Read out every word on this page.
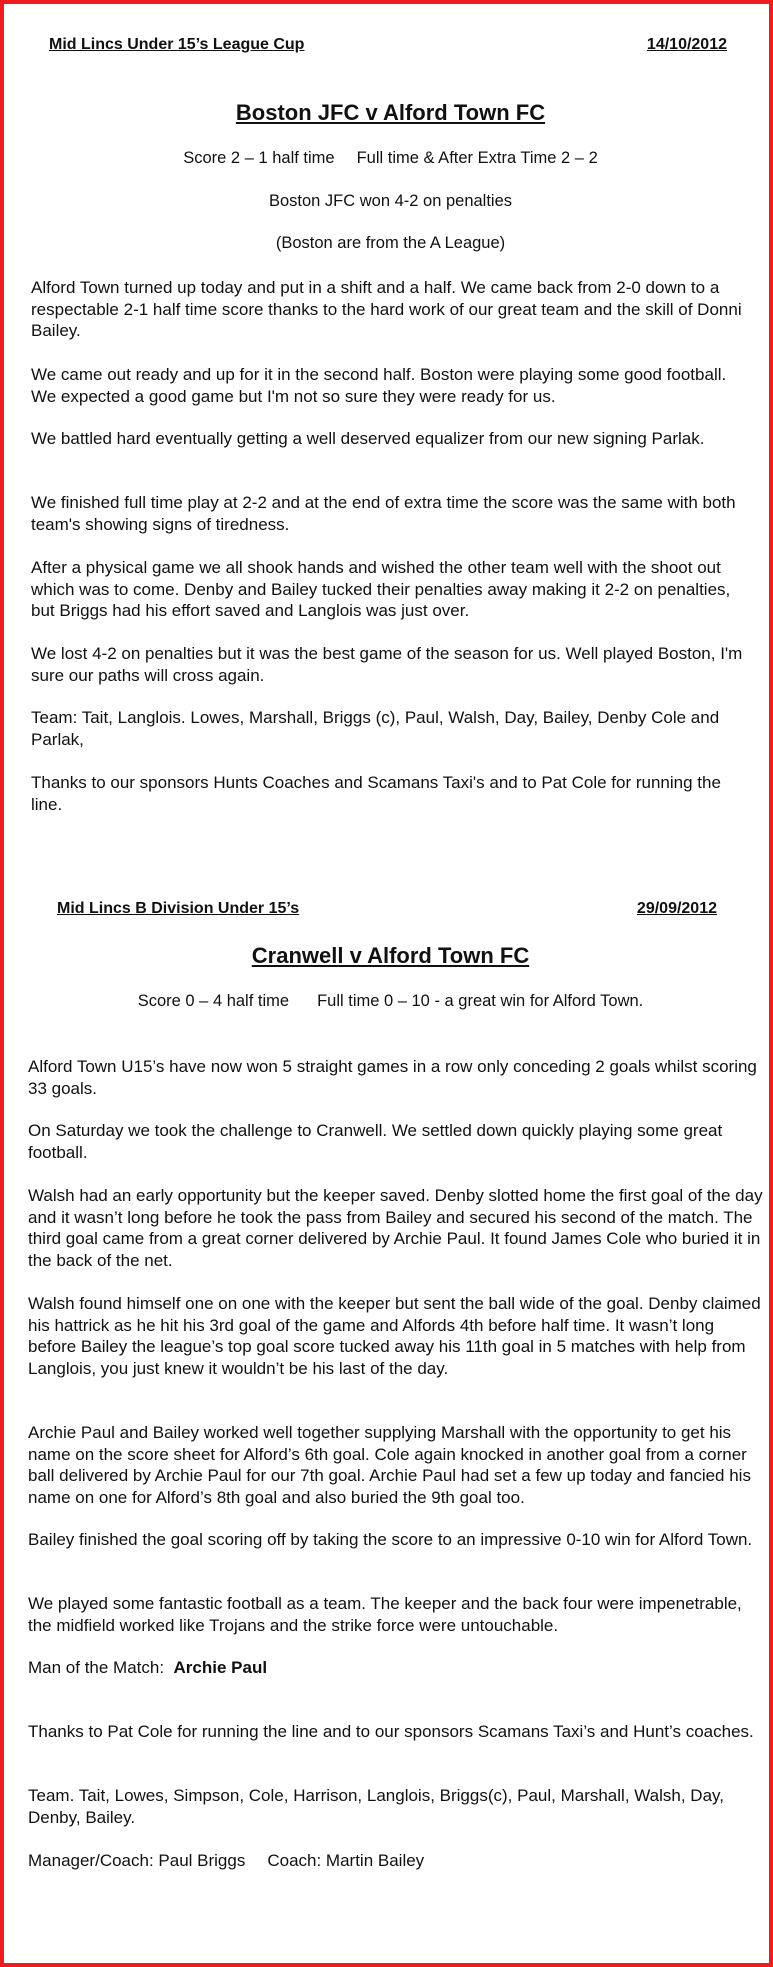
Mid Lincs Under 15’s League Cup	14/10/2012
Boston JFC v Alford Town FC
Score 2 – 1 half time Full time & After Extra Time 2 – 2
Boston JFC won 4-2 on penalties
(Boston are from the A League)

Alford Town turned up today and put in a shift and a half. We came back from 2-0 down to a respectable 2-1 half time score thanks to the hard work of our great team and the skill of Donni Bailey.

We came out ready and up for it in the second half. Boston were playing some good football. We expected a good game but I'm not so sure they were ready for us.

We battled hard eventually getting a well deserved equalizer from our new signing Parlak.

We finished full time play at 2-2 and at the end of extra time the score was the same with both team's showing signs of tiredness.

After a physical game we all shook hands and wished the other team well with the shoot out which was to come. Denby and Bailey tucked their penalties away making it 2-2 on penalties, but Briggs had his effort saved and Langlois was just over.

We lost 4-2 on penalties but it was the best game of the season for us. Well played Boston, I'm sure our paths will cross again.

Team: Tait, Langlois. Lowes, Marshall, Briggs (c), Paul, Walsh, Day, Bailey, Denby Cole and Parlak,

Thanks to our sponsors Hunts Coaches and Scamans Taxi's and to Pat Cole for running the line.

Mid Lincs B Division Under 15’s	29/09/2012
Cranwell v Alford Town FC
Score 0 – 4 half time Full time 0 – 10 - a great win for Alford Town.

Alford Town U15’s have now won 5 straight games in a row only conceding 2 goals whilst scoring 33 goals.

On Saturday we took the challenge to Cranwell. We settled down quickly playing some great football.

Walsh had an early opportunity but the keeper saved. Denby slotted home the first goal of the day and it wasn’t long before he took the pass from Bailey and secured his second of the match. The third goal came from a great corner delivered by Archie Paul. It found James Cole who buried it in the back of the net.

Walsh found himself one on one with the keeper but sent the ball wide of the goal. Denby claimed his hattrick as he hit his 3rd goal of the game and Alfords 4th before half time. It wasn’t long before Bailey the league’s top goal score tucked away his 11th goal in 5 matches with help from Langlois, you just knew it wouldn’t be his last of the day.

Archie Paul and Bailey worked well together supplying Marshall with the opportunity to get his name on the score sheet for Alford’s 6th goal. Cole again knocked in another goal from a corner ball delivered by Archie Paul for our 7th goal. Archie Paul had set a few up today and fancied his name on one for Alford’s 8th goal and also buried the 9th goal too.

Bailey finished the goal scoring off by taking the score to an impressive 0-10 win for Alford Town.

We played some fantastic football as a team. The keeper and the back four were impenetrable, the midfield worked like Trojans and the strike force were untouchable.

Man of the Match: Archie Paul

Thanks to Pat Cole for running the line and to our sponsors Scamans Taxi’s and Hunt’s coaches.

Team. Tait, Lowes, Simpson, Cole, Harrison, Langlois, Briggs(c), Paul, Marshall, Walsh, Day, Denby, Bailey.

Manager/Coach: Paul Briggs Coach: Martin Bailey
